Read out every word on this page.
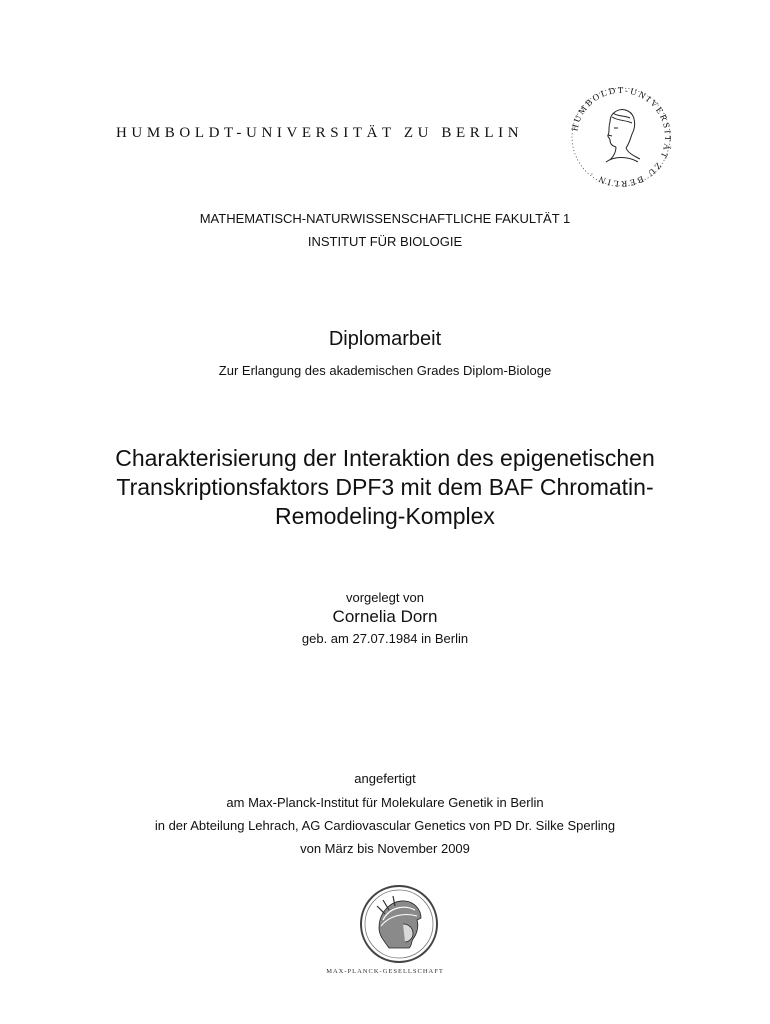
HUMBOLDT-UNIVERSITÄT ZU BERLIN	HUMBOLDT-UNIVERSITÄT ZU BERLIN ·
MATHEMATISCH-NATURWISSENSCHAFTLICHE FAKULTÄT 1
INSTITUT FÜR BIOLOGIE
Diplomarbeit
Zur Erlangung des akademischen Grades Diplom-Biologe
Charakterisierung der Interaktion des epigenetischen
Transkriptionsfaktors DPF3 mit dem BAF Chromatin-
Remodeling-Komplex
vorgelegt von
Cornelia Dorn
geb. am 27.07.1984 in Berlin
angefertigt
am Max-Planck-Institut für Molekulare Genetik in Berlin
in der Abteilung Lehrach, AG Cardiovascular Genetics von PD Dr. Silke Sperling
von März bis November 2009
MAX-PLANCK-GESELLSCHAFT
